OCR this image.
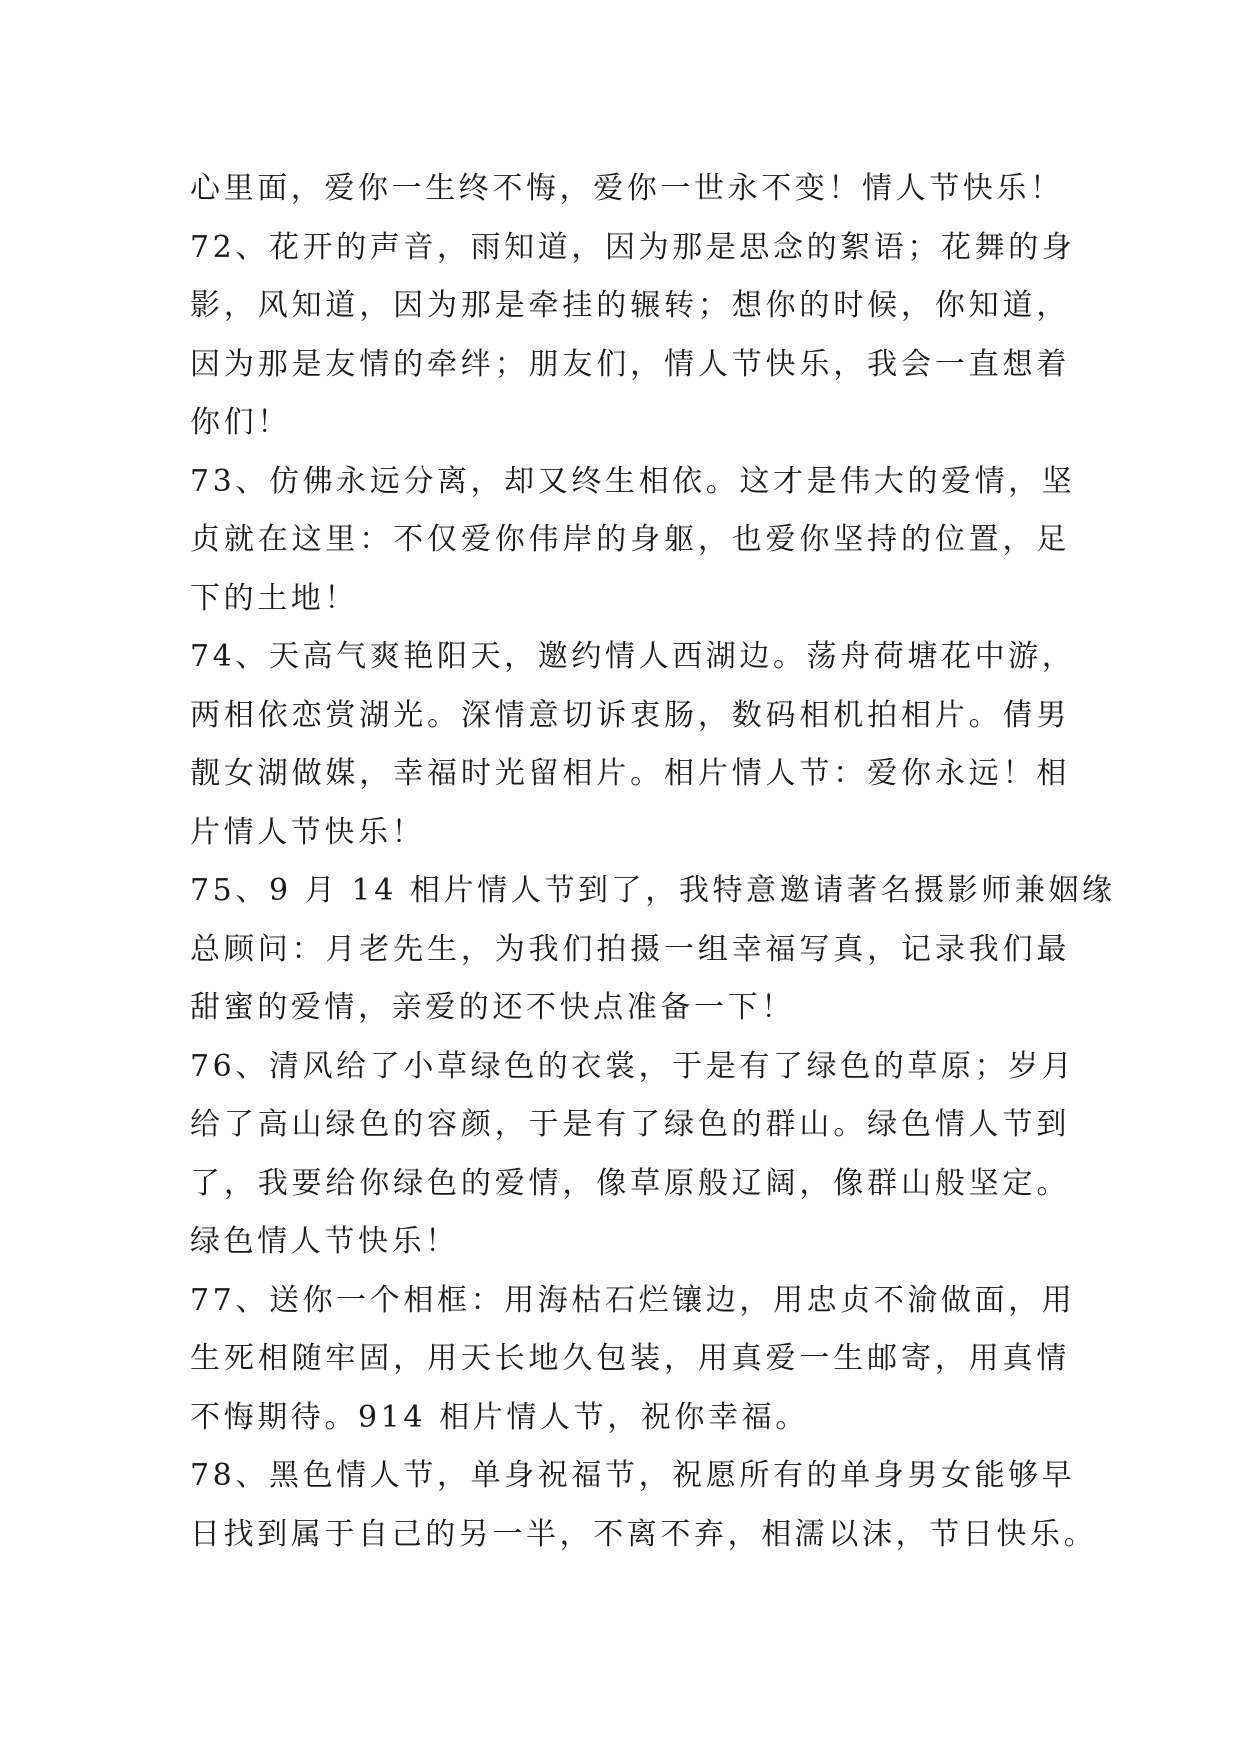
心里面，爱你一生终不悔，爱你一世永不变！情人节快乐！
72、花开的声音，雨知道，因为那是思念的絮语；花舞的身
影，风知道，因为那是牵挂的辗转；想你的时候，你知道，
因为那是友情的牵绊；朋友们，情人节快乐，我会一直想着
你们！
73、仿佛永远分离，却又终生相依。这才是伟大的爱情，坚
贞就在这里：不仅爱你伟岸的身躯，也爱你坚持的位置，足
下的土地！
74、天高气爽艳阳天，邀约情人西湖边。荡舟荷塘花中游，
两相依恋赏湖光。深情意切诉衷肠，数码相机拍相片。倩男
靓女湖做媒，幸福时光留相片。相片情人节：爱你永远！相
片情人节快乐！
75、9 月 14 相片情人节到了，我特意邀请著名摄影师兼姻缘
总顾问：月老先生，为我们拍摄一组幸福写真，记录我们最
甜蜜的爱情，亲爱的还不快点准备一下！
76、清风给了小草绿色的衣裳，于是有了绿色的草原；岁月
给了高山绿色的容颜，于是有了绿色的群山。绿色情人节到
了，我要给你绿色的爱情，像草原般辽阔，像群山般坚定。
绿色情人节快乐！
77、送你一个相框：用海枯石烂镶边，用忠贞不渝做面，用
生死相随牢固，用天长地久包装，用真爱一生邮寄，用真情
不悔期待。914 相片情人节，祝你幸福。
78、黑色情人节，单身祝福节，祝愿所有的单身男女能够早
日找到属于自己的另一半，不离不弃，相濡以沫，节日快乐。
